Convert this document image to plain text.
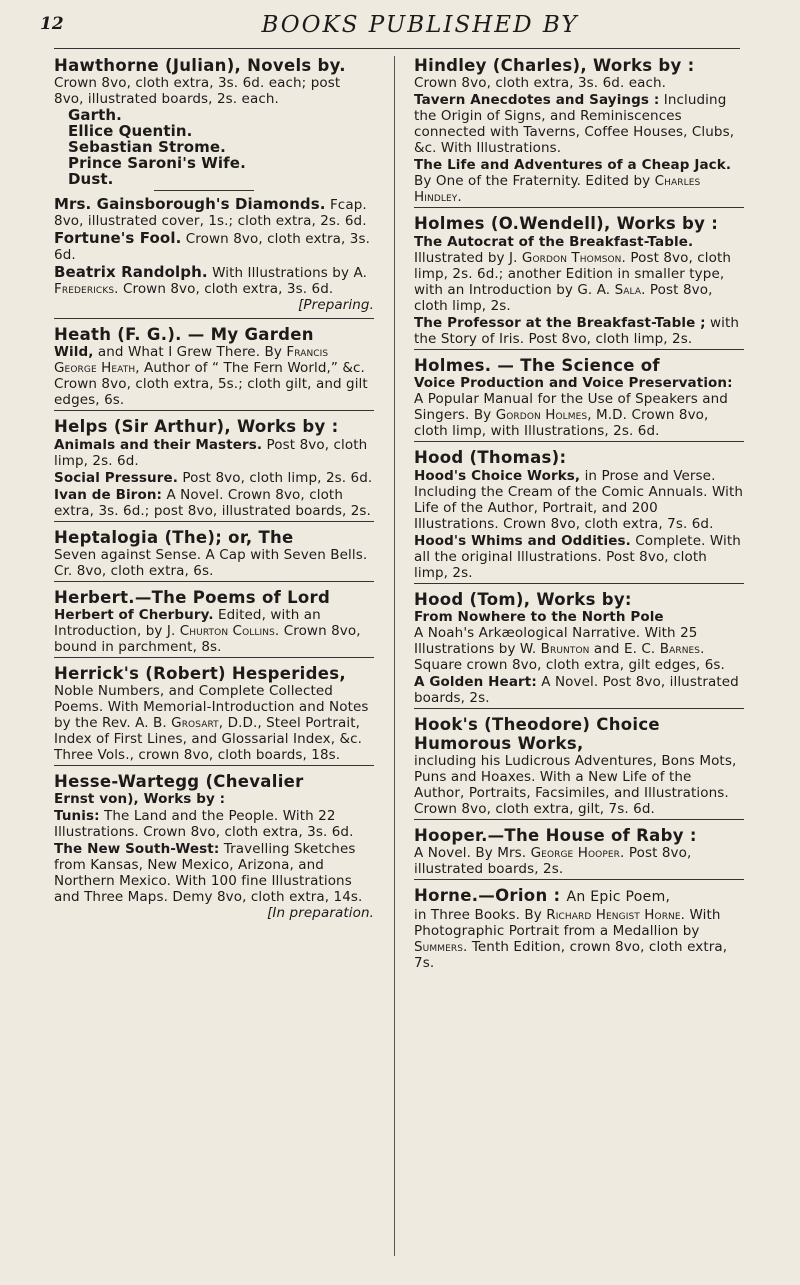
12	BOOKS PUBLISHED BY
Hawthorne (Julian), Novels by.
Crown 8vo, cloth extra, 3s. 6d. each; post 8vo, illustrated boards, 2s. each.
Garth.
Ellice Quentin.
Sebastian Strome.
Prince Saroni's Wife.
Dust.
Mrs. Gainsborough's Diamonds. Fcap. 8vo, illustrated cover, 1s.; cloth extra, 2s. 6d.
Fortune's Fool. Crown 8vo, cloth extra, 3s. 6d.
Beatrix Randolph. With Illustrations by A. Fredericks. Crown 8vo, cloth extra, 3s. 6d.
[Preparing.
Heath (F. G.). — My Garden
Wild, and What I Grew There. By Francis George Heath, Author of “ The Fern World,” &c. Crown 8vo, cloth extra, 5s.; cloth gilt, and gilt edges, 6s.
Helps (Sir Arthur), Works by :
Animals and their Masters. Post 8vo, cloth limp, 2s. 6d.
Social Pressure. Post 8vo, cloth limp, 2s. 6d.
Ivan de Biron: A Novel. Crown 8vo, cloth extra, 3s. 6d.; post 8vo, illustrated boards, 2s.
Heptalogia (The); or, The
Seven against Sense. A Cap with Seven Bells. Cr. 8vo, cloth extra, 6s.
Herbert.—The Poems of Lord
Herbert of Cherbury. Edited, with an Introduction, by J. Churton Collins. Crown 8vo, bound in parchment, 8s.
Herrick's (Robert) Hesperides,
Noble Numbers, and Complete Collected Poems. With Memorial-Introduction and Notes by the Rev. A. B. Grosart, D.D., Steel Portrait, Index of First Lines, and Glossarial Index, &c. Three Vols., crown 8vo, cloth boards, 18s.
Hesse-Wartegg (Chevalier
Ernst von), Works by :
Tunis: The Land and the People. With 22 Illustrations. Crown 8vo, cloth extra, 3s. 6d.
The New South-West: Travelling Sketches from Kansas, New Mexico, Arizona, and Northern Mexico. With 100 fine Illustrations and Three Maps. Demy 8vo, cloth extra, 14s.
[In preparation.
Hindley (Charles), Works by :
Crown 8vo, cloth extra, 3s. 6d. each.
Tavern Anecdotes and Sayings : Including the Origin of Signs, and Reminiscences connected with Taverns, Coffee Houses, Clubs, &c. With Illustrations.
The Life and Adventures of a Cheap Jack. By One of the Fraternity. Edited by Charles Hindley.
Holmes (O.Wendell), Works by :
The Autocrat of the Breakfast-Table. Illustrated by J. Gordon Thomson. Post 8vo, cloth limp, 2s. 6d.; another Edition in smaller type, with an Introduction by G. A. Sala. Post 8vo, cloth limp, 2s.
The Professor at the Breakfast-Table ; with the Story of Iris. Post 8vo, cloth limp, 2s.
Holmes. — The Science of
Voice Production and Voice Preservation: A Popular Manual for the Use of Speakers and Singers. By Gordon Holmes, M.D. Crown 8vo, cloth limp, with Illustrations, 2s. 6d.
Hood (Thomas):
Hood's Choice Works, in Prose and Verse. Including the Cream of the Comic Annuals. With Life of the Author, Portrait, and 200 Illustrations. Crown 8vo, cloth extra, 7s. 6d.
Hood's Whims and Oddities. Complete. With all the original Illustrations. Post 8vo, cloth limp, 2s.
Hood (Tom), Works by:
From Nowhere to the North Pole
A Noah's Arkæological Narrative. With 25 Illustrations by W. Brunton and E. C. Barnes. Square crown 8vo, cloth extra, gilt edges, 6s.
A Golden Heart: A Novel. Post 8vo, illustrated boards, 2s.
Hook's (Theodore) Choice Humorous Works,
including his Ludicrous Adventures, Bons Mots, Puns and Hoaxes. With a New Life of the Author, Portraits, Facsimiles, and Illustrations. Crown 8vo, cloth extra, gilt, 7s. 6d.
Hooper.—The House of Raby :
A Novel. By Mrs. George Hooper. Post 8vo, illustrated boards, 2s.
Horne.—Orion : An Epic Poem,
in Three Books. By Richard Hengist Horne. With Photographic Portrait from a Medallion by Summers. Tenth Edition, crown 8vo, cloth extra, 7s.
